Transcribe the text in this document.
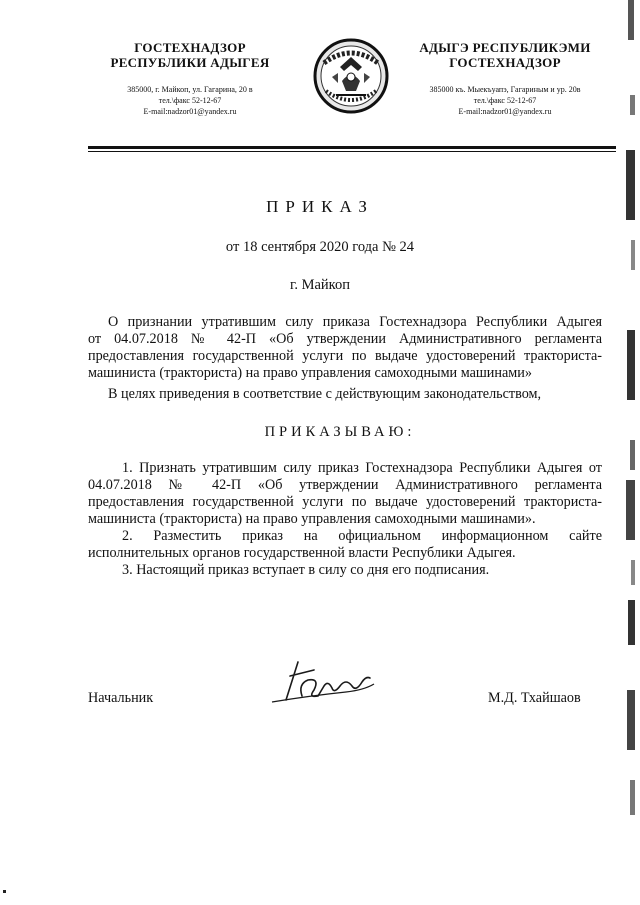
ГОСТЕХНАДЗОР
РЕСПУБЛИКИ АДЫГЕЯ
385000, г. Майкоп, ул. Гагарина, 20 в
тел.\факс 52-12-67
E-mail:nadzor01@yandex.ru
АДЫГЭ РЕСПУБЛИКЭМИ
ГОСТЕХНАДЗОР
385000 къ. Мыекъуапэ, Гагариным и ур. 20в
тел.\факс 52-12-67
E-mail:nadzor01@yandex.ru
ПРИКАЗ
от 18 сентября 2020 года № 24
г. Майкоп
О признании утратившим силу приказа Гостехнадзора Республики Адыгея
от 04.07.2018 № 42-П «Об утверждении Административного регламента предоставления государственной услуги по выдаче удостоверений тракториста-машиниста (тракториста) на право управления самоходными машинами»
В целях приведения в соответствие с действующим законодательством,
ПРИКАЗЫВАЮ:

1. Признать утратившим силу приказ Гостехнадзора Республики Адыгея от 04.07.2018 № 42-П «Об утверждении Административного регламента предоставления государственной услуги по выдаче удостоверений тракториста-машиниста (тракториста) на право управления самоходными машинами».

2. Разместить приказ на официальном информационном сайте исполнительных органов государственной власти Республики Адыгея.

3. Настоящий приказ вступает в силу со дня его подписания.

Начальник	М.Д. Тхайшаов
